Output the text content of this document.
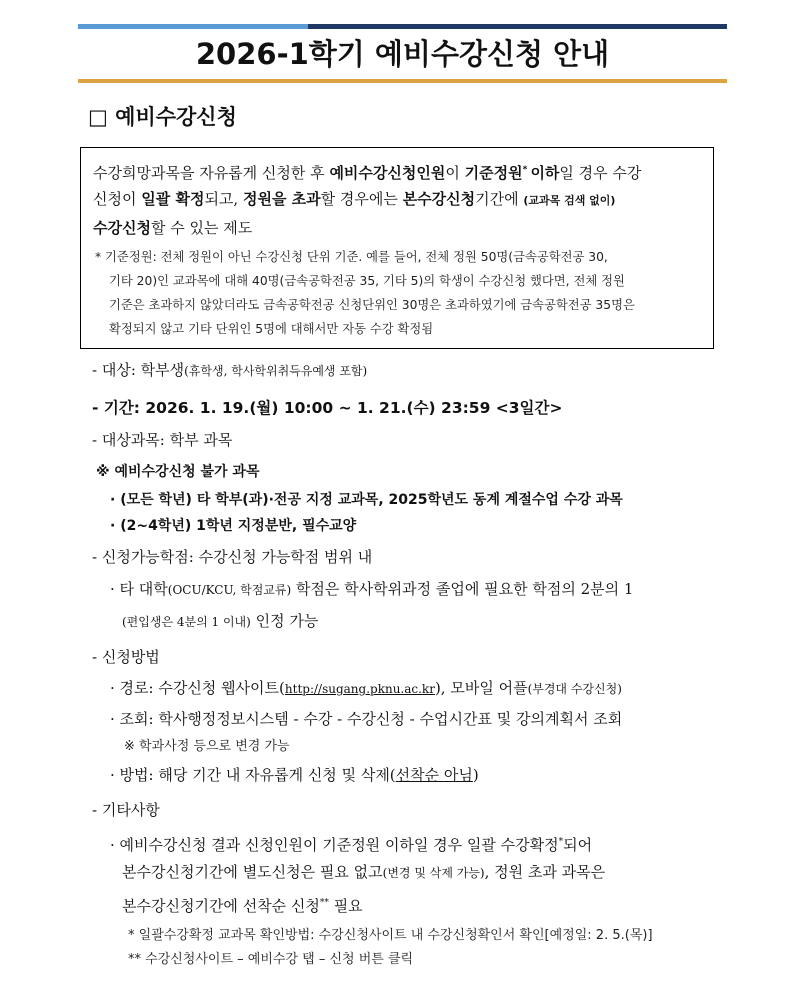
2026-1학기 예비수강신청 안내
□ 예비수강신청
수강희망과목을 자유롭게 신청한 후 예비수강신청인원이 기준정원* 이하일 경우 수강
신청이 일괄 확정되고, 정원을 초과할 경우에는 본수강신청기간에 (교과목 검색 없이)
수강신청할 수 있는 제도
* 기준정원: 전체 정원이 아닌 수강신청 단위 기준. 예를 들어, 전체 정원 50명(금속공학전공 30,
기타 20)인 교과목에 대해 40명(금속공학전공 35, 기타 5)의 학생이 수강신청 했다면, 전체 정원
기준은 초과하지 않았더라도 금속공학전공 신청단위인 30명은 초과하였기에 금속공학전공 35명은
확정되지 않고 기타 단위인 5명에 대해서만 자동 수강 확정됨
- 대상: 학부생(휴학생, 학사학위취득유예생 포함)
- 기간: 2026. 1. 19.(월) 10:00 ~ 1. 21.(수) 23:59 <3일간>
- 대상과목: 학부 과목
※ 예비수강신청 불가 과목
· (모든 학년) 타 학부(과)·전공 지정 교과목, 2025학년도 동계 계절수업 수강 과목
· (2~4학년) 1학년 지정분반, 필수교양
- 신청가능학점: 수강신청 가능학점 범위 내
· 타 대학(OCU/KCU, 학점교류) 학점은 학사학위과정 졸업에 필요한 학점의 2분의 1
(편입생은 4분의 1 이내) 인정 가능
- 신청방법
· 경로: 수강신청 웹사이트(http://sugang.pknu.ac.kr), 모바일 어플(부경대 수강신청)
· 조회: 학사행정정보시스템 - 수강 - 수강신청 - 수업시간표 및 강의계획서 조회
※ 학과사정 등으로 변경 가능
· 방법: 해당 기간 내 자유롭게 신청 및 삭제(선착순 아님)
- 기타사항
· 예비수강신청 결과 신청인원이 기준정원 이하일 경우 일괄 수강확정*되어
본수강신청기간에 별도신청은 필요 없고(변경 및 삭제 가능), 정원 초과 과목은
본수강신청기간에 선착순 신청** 필요
* 일괄수강확정 교과목 확인방법: 수강신청사이트 내 수강신청확인서 확인[예정일: 2. 5.(목)]
** 수강신청사이트 – 예비수강 탭 – 신청 버튼 클릭
